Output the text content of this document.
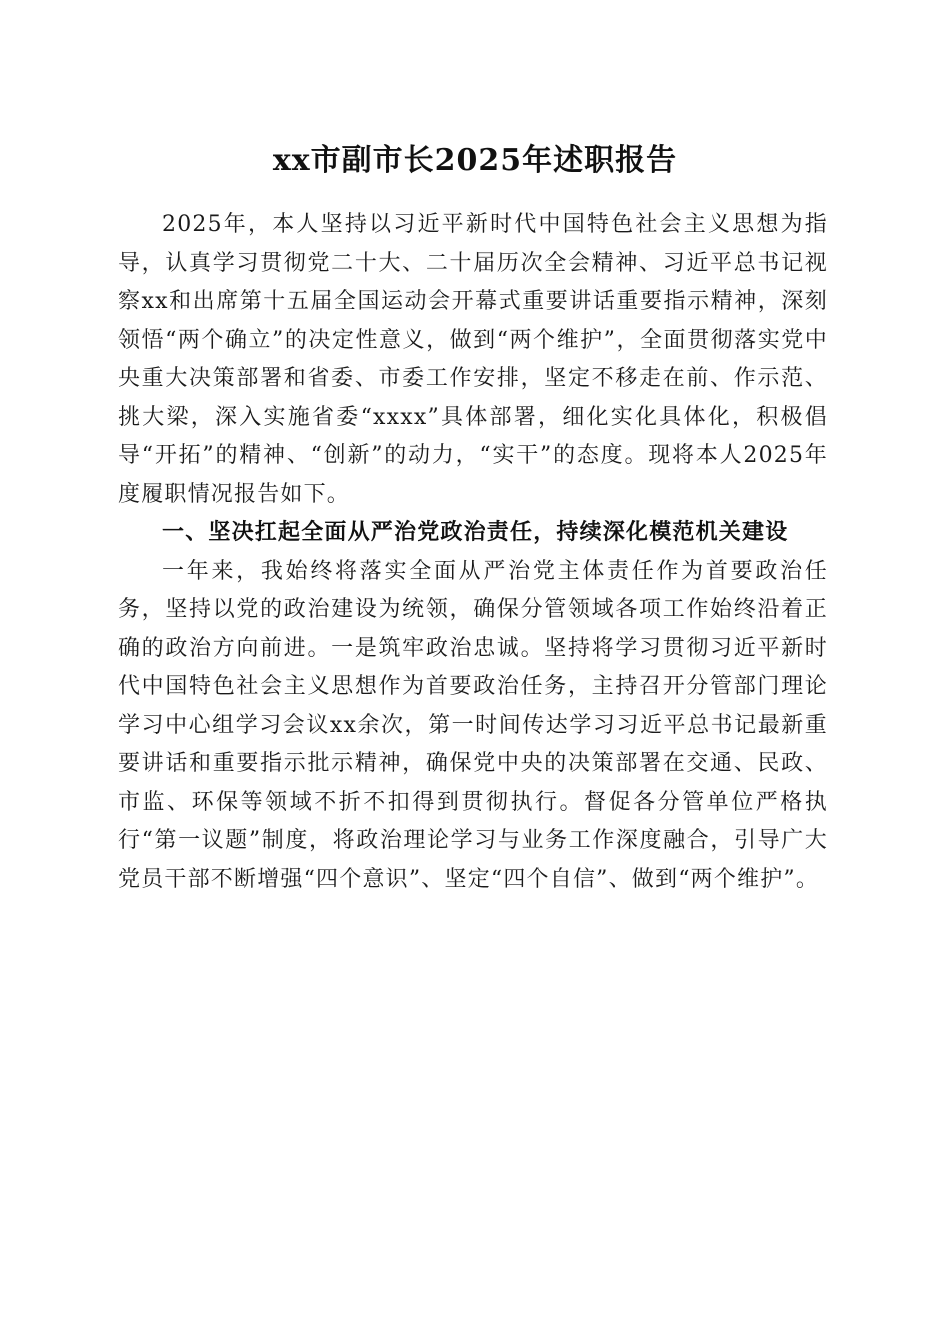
xx市副市长2025年述职报告

2025年，本人坚持以习近平新时代中国特色社会主义思想为指导，认真学习贯彻党二十大、二十届历次全会精神、习近平总书记视察xx和出席第十五届全国运动会开幕式重要讲话重要指示精神，深刻领悟“两个确立”的决定性意义，做到“两个维护”，全面贯彻落实党中央重大决策部署和省委、市委工作安排，坚定不移走在前、作示范、挑大梁，深入实施省委“xxxx”具体部署，细化实化具体化，积极倡导“开拓”的精神、“创新”的动力，“实干”的态度。现将本人2025年度履职情况报告如下。

一、坚决扛起全面从严治党政治责任，持续深化模范机关建设

一年来，我始终将落实全面从严治党主体责任作为首要政治任务，坚持以党的政治建设为统领，确保分管领域各项工作始终沿着正确的政治方向前进。一是筑牢政治忠诚。坚持将学习贯彻习近平新时代中国特色社会主义思想作为首要政治任务，主持召开分管部门理论学习中心组学习会议xx余次，第一时间传达学习习近平总书记最新重要讲话和重要指示批示精神，确保党中央的决策部署在交通、民政、市监、环保等领域不折不扣得到贯彻执行。督促各分管单位严格执行“第一议题”制度，将政治理论学习与业务工作深度融合，引导广大党员干部不断增强“四个意识”、坚定“四个自信”、做到“两个维护”。
